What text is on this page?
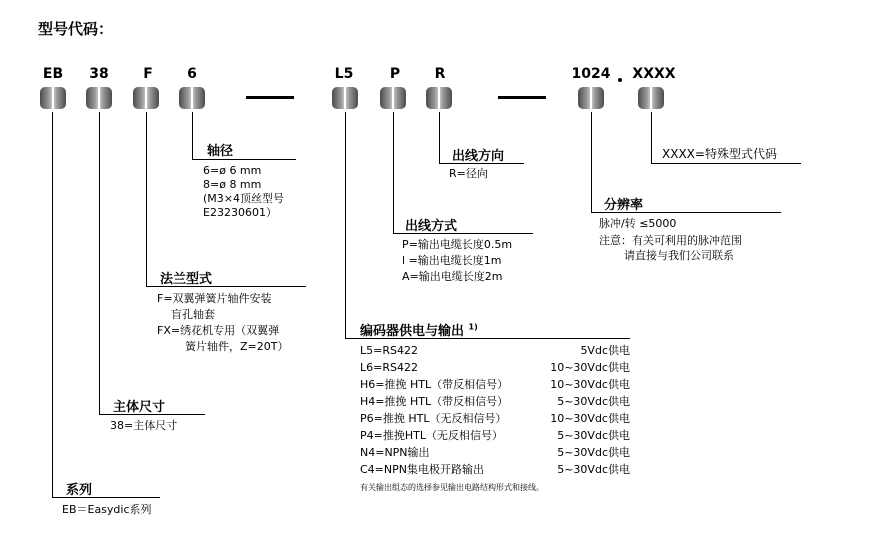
型号代码：
EB	38	F	6	L5	P	R	1024	XXXX
轴径
6=ø 6 mm
8=ø 8 mm
(M3×4顶丝型号
E23230601）
法兰型式
F=双翼弹簧片轴件安装
盲孔轴套
FX=绣花机专用（双翼弹
簧片轴件，Z=20T）
主体尺寸
38=主体尺寸
系列
EB＝Easydic系列
出线方向
R=径向
出线方式
P=输出电缆长度0.5m
l =输出电缆长度1m
A=输出电缆长度2m
分辨率
脉冲/转 ≤5000
注意：有关可利用的脉冲范围
请直接与我们公司联系
XXXX=特殊型式代码
编码器供电与输出 $^{1)}$
L5=RS422	5Vdc供电
L6=RS422	10~30Vdc供电
H6=推挽 HTL（带反相信号）	10~30Vdc供电
H4=推挽 HTL（带反相信号）	5~30Vdc供电
P6=推挽 HTL（无反相信号）	10~30Vdc供电
P4=推挽HTL（无反相信号）	5~30Vdc供电
N4=NPN输出	5~30Vdc供电
C4=NPN集电极开路输出	5~30Vdc供电
有关输出组态的选择参见输出电路结构形式和接线。
